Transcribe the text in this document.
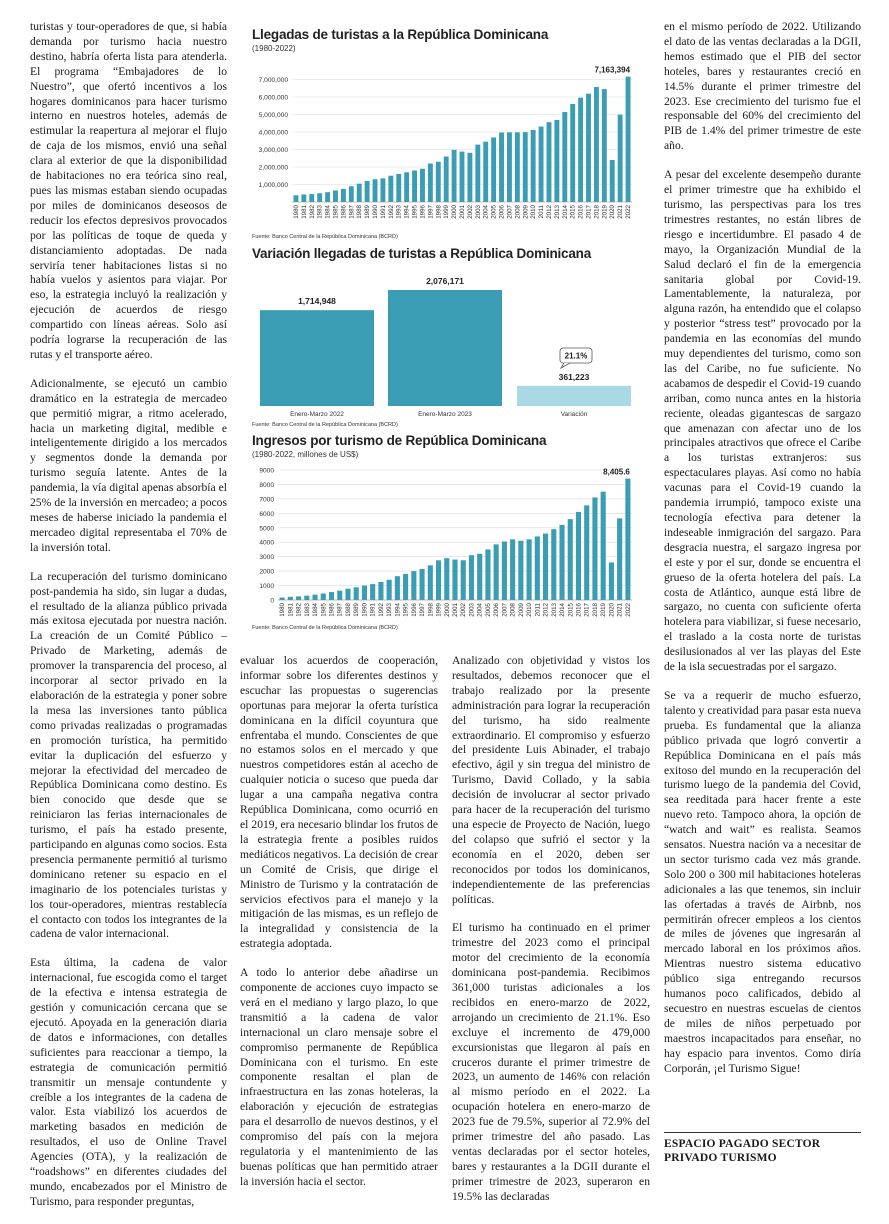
turistas y tour-operadores de que, si había demanda por turismo hacia nuestro destino, habría oferta lista para atenderla. El programa “Embajadores de lo Nuestro”, que ofertó incentivos a los hogares dominicanos para hacer turismo interno en nuestros hoteles, además de estimular la reapertura al mejorar el flujo de caja de los mismos, envió una señal clara al exterior de que la disponibilidad de habitaciones no era teórica sino real, pues las mismas estaban siendo ocupadas por miles de dominicanos deseosos de reducir los efectos depresivos provocados por las políticas de toque de queda y distanciamiento adoptadas. De nada serviría tener habitaciones listas si no había vuelos y asientos para viajar. Por eso, la estrategia incluyó la realización y ejecución de acuerdos de riesgo compartido con líneas aéreas. Solo así podría lograrse la recuperación de las rutas y el transporte aéreo.

Adicionalmente, se ejecutó un cambio dramático en la estrategia de mercadeo que permitió migrar, a ritmo acelerado, hacia un marketing digital, medible e inteligentemente dirigido a los mercados y segmentos donde la demanda por turismo seguía latente. Antes de la pandemia, la vía digital apenas absorbía el 25% de la inversión en mercadeo; a pocos meses de haberse iniciado la pandemia el mercadeo digital representaba el 70% de la inversión total.

La recuperación del turismo dominicano post-pandemia ha sido, sin lugar a dudas, el resultado de la alianza público privada más exitosa ejecutada por nuestra nación. La creación de un Comité Público – Privado de Marketing, además de promover la transparencia del proceso, al incorporar al sector privado en la elaboración de la estrategia y poner sobre la mesa las inversiones tanto pública como privadas realizadas o programadas en promoción turística, ha permitido evitar la duplicación del esfuerzo y mejorar la efectividad del mercadeo de República Dominicana como destino. Es bien conocido que desde que se reiniciaron las ferias internacionales de turismo, el país ha estado presente, participando en algunas como socios. Esta presencia permanente permitió al turismo dominicano retener su espacio en el imaginario de los potenciales turistas y los tour-operadores, mientras restablecía el contacto con todos los integrantes de la cadena de valor internacional.

Esta última, la cadena de valor internacional, fue escogida como el target de la efectiva e intensa estrategia de gestión y comunicación cercana que se ejecutó. Apoyada en la generación diaria de datos e informaciones, con detalles suficientes para reaccionar a tiempo, la estrategia de comunicación permitió transmitir un mensaje contundente y creíble a los integrantes de la cadena de valor. Esta viabilizó los acuerdos de marketing basados en medición de resultados, el uso de Online Travel Agencies (OTA), y la realización de “roadshows” en diferentes ciudades del mundo, encabezados por el Ministro de Turismo, para responder preguntas,

Llegadas de turistas a la República Dominicana
(1980-2022)
1,000,000
2,000,000
3,000,000
4,000,000
5,000,000
6,000,000
7,000,000
1980 1981 1982 1983 1984 1985 1986 1987 1988 1989 1990 1991 1992 1993 1994 1995 1996 1997 1998 1999 2000 2001 2002 2003 2004 2005 2006 2007 2008 2009 2010 2011 2012 2013 2014 2015 2016 2017 2018 2019 2020 2021 2022
7,163,394
Fuente: Banco Central de la República Dominicana (BCRD)
Variación llegadas de turistas a República Dominicana
1,714,948
Enero-Marzo 2022
2,076,171
Enero-Marzo 2023
361,223
Variación
21.1%
Fuente: Banco Central de la República Dominicana (BCRD)
Ingresos por turismo de República Dominicana
(1980-2022, millones de US$)
0
1000
2000
3000
4000
5000
6000
7000
8000
9000
1980 1981 1982 1983 1984 1985 1986 1987 1988 1989 1990 1991 1992 1993 1994 1995 1996 1997 1998 1999 2000 2001 2002 2003 2004 2005 2006 2007 2008 2009 2010 2011 2012 2013 2014 2015 2016 2017 2018 2019 2020 2021 2022
8,405.6
Fuente: Banco Central de la República Dominicana (BCRD)

evaluar los acuerdos de cooperación, informar sobre los diferentes destinos y escuchar las propuestas o sugerencias oportunas para mejorar la oferta turística dominicana en la difícil coyuntura que enfrentaba el mundo. Conscientes de que no estamos solos en el mercado y que nuestros competidores están al acecho de cualquier noticia o suceso que pueda dar lugar a una campaña negativa contra República Dominicana, como ocurrió en el 2019, era necesario blindar los frutos de la estrategia frente a posibles ruidos mediáticos negativos. La decisión de crear un Comité de Crisis, que dirige el Ministro de Turismo y la contratación de servicios efectivos para el manejo y la mitigación de las mismas, es un reflejo de la integralidad y consistencia de la estrategia adoptada.

A todo lo anterior debe añadirse un componente de acciones cuyo impacto se verá en el mediano y largo plazo, lo que transmitió a la cadena de valor internacional un claro mensaje sobre el compromiso permanente de República Dominicana con el turismo. En este componente resaltan el plan de infraestructura en las zonas hoteleras, la elaboración y ejecución de estrategias para el desarrollo de nuevos destinos, y el compromiso del país con la mejora regulatoria y el mantenimiento de las buenas políticas que han permitido atraer la inversión hacia el sector.

Analizado con objetividad y vistos los resultados, debemos reconocer que el trabajo realizado por la presente administración para lograr la recuperación del turismo, ha sido realmente extraordinario. El compromiso y esfuerzo del presidente Luis Abinader, el trabajo efectivo, ágil y sin tregua del ministro de Turismo, David Collado, y la sabia decisión de involucrar al sector privado para hacer de la recuperación del turismo una especie de Proyecto de Nación, luego del colapso que sufrió el sector y la economía en el 2020, deben ser reconocidos por todos los dominicanos, independientemente de las preferencias políticas.

El turismo ha continuado en el primer trimestre del 2023 como el principal motor del crecimiento de la economía dominicana post-pandemia. Recibimos 361,000 turistas adicionales a los recibidos en enero-marzo de 2022, arrojando un crecimiento de 21.1%. Eso excluye el incremento de 479,000 excursionistas que llegaron al país en cruceros durante el primer trimestre de 2023, un aumento de 146% con relación al mismo período en el 2022. La ocupación hotelera en enero-marzo de 2023 fue de 79.5%, superior al 72.9% del primer trimestre del año pasado. Las ventas declaradas por el sector hoteles, bares y restaurantes a la DGII durante el primer trimestre de 2023, superaron en 19.5% las declaradas

en el mismo período de 2022. Utilizando el dato de las ventas declaradas a la DGII, hemos estimado que el PIB del sector hoteles, bares y restaurantes creció en 14.5% durante el primer trimestre del 2023. Ese crecimiento del turismo fue el responsable del 60% del crecimiento del PIB de 1.4% del primer trimestre de este año.

A pesar del excelente desempeño durante el primer trimestre que ha exhibido el turismo, las perspectivas para los tres trimestres restantes, no están libres de riesgo e incertidumbre. El pasado 4 de mayo, la Organización Mundial de la Salud declaró el fin de la emergencia sanitaria global por Covid-19. Lamentablemente, la naturaleza, por alguna razón, ha entendido que el colapso y posterior “stress test” provocado por la pandemia en las economías del mundo muy dependientes del turismo, como son las del Caribe, no fue suficiente. No acabamos de despedir el Covid-19 cuando arriban, como nunca antes en la historia reciente, oleadas gigantescas de sargazo que amenazan con afectar uno de los principales atractivos que ofrece el Caribe a los turistas extranjeros: sus espectaculares playas. Así como no había vacunas para el Covid-19 cuando la pandemia irrumpió, tampoco existe una tecnología efectiva para detener la indeseable inmigración del sargazo. Para desgracia nuestra, el sargazo ingresa por el este y por el sur, donde se encuentra el grueso de la oferta hotelera del país. La costa de Atlántico, aunque está libre de sargazo, no cuenta con suficiente oferta hotelera para viabilizar, si fuese necesario, el traslado a la costa norte de turistas desilusionados al ver las playas del Este de la isla secuestradas por el sargazo.

Se va a requerir de mucho esfuerzo, talento y creatividad para pasar esta nueva prueba. Es fundamental que la alianza público privada que logró convertir a República Dominicana en el país más exitoso del mundo en la recuperación del turismo luego de la pandemia del Covid, sea reeditada para hacer frente a este nuevo reto. Tampoco ahora, la opción de “watch and wait” es realista. Seamos sensatos. Nuestra nación va a necesitar de un sector turismo cada vez más grande. Solo 200 o 300 mil habitaciones hoteleras adicionales a las que tenemos, sin incluir las ofertadas a través de Airbnb, nos permitirán ofrecer empleos a los cientos de miles de jóvenes que ingresarán al mercado laboral en los próximos años. Mientras nuestro sistema educativo público siga entregando recursos humanos poco calificados, debido al secuestro en nuestras escuelas de cientos de miles de niños perpetuado por maestros incapacitados para enseñar, no hay espacio para inventos. Como diría Corporán, ¡el Turismo Sigue!

ESPACIO PAGADO SECTOR PRIVADO TURISMO
